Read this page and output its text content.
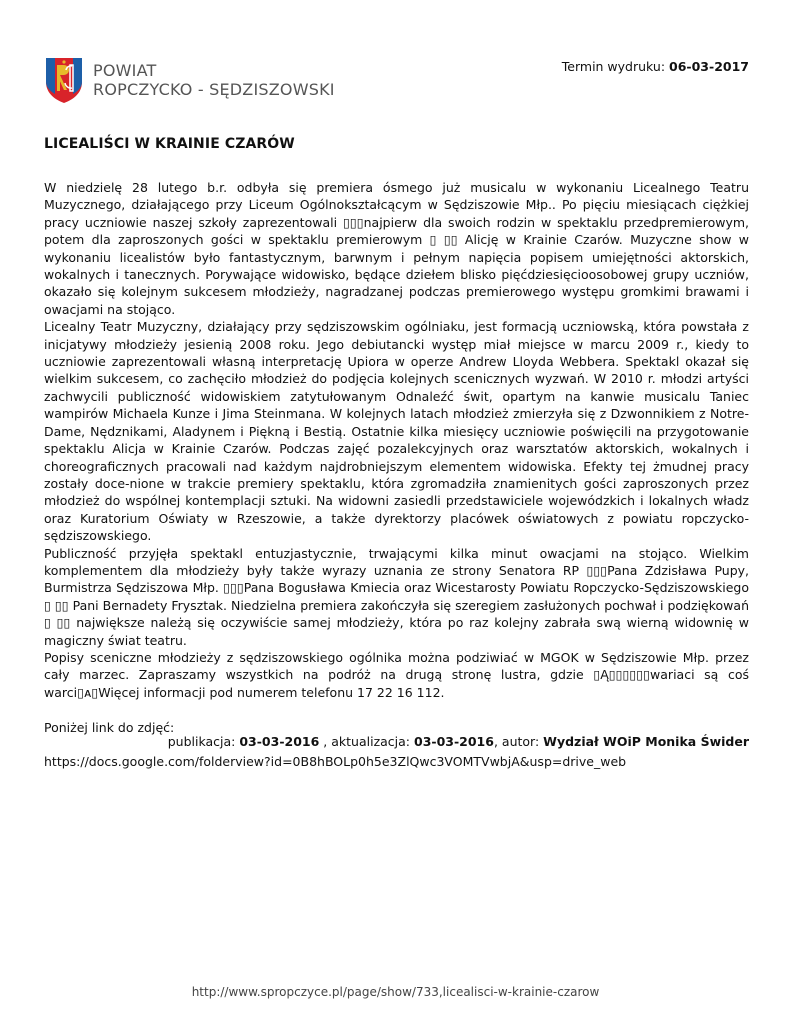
POWIAT
ROPCZYCKO - SĘDZISZOWSKI
Termin wydruku: 06-03-2017
LICEALIŚCI W KRAINIE CZARÓW

W niedzielę 28 lutego b.r. odbyła się premiera ósmego już musicalu w wykonaniu Licealnego Teatru Muzycznego, działającego przy Liceum Ogólnokształcącym w Sędziszowie Młp.. Po pięciu miesiącach ciężkiej pracy uczniowie naszej szkoły zaprezentowali ▯▯▯najpierw dla swoich rodzin w spektaklu przedpremierowym, potem dla zaproszonych gości w spektaklu premierowym ▯ ▯▯ Alicję w Krainie Czarów. Muzyczne show w wykonaniu licealistów było fantastycznym, barwnym i pełnym napięcia popisem umiejętności aktorskich, wokalnych i tanecznych. Porywające widowisko, będące dziełem blisko pięćdziesięcioosobowej grupy uczniów, okazało się kolejnym sukcesem młodzieży, nagradzanej podczas premierowego występu gromkimi brawami i owacjami na stojąco.

Licealny Teatr Muzyczny, działający przy sędziszowskim ogólniaku, jest formacją uczniowską, która powstała z inicjatywy młodzieży jesienią 2008 roku. Jego debiutancki występ miał miejsce w marcu 2009 r., kiedy to uczniowie zaprezentowali własną interpretację Upiora w operze Andrew Lloyda Webbera. Spektakl okazał się wielkim sukcesem, co zachęciło młodzież do podjęcia kolejnych scenicznych wyzwań. W 2010 r. młodzi artyści zachwycili publiczność widowiskiem zatytułowanym Odnaleźć świt, opartym na kanwie musicalu Taniec wampirów Michaela Kunze i Jima Steinmana. W kolejnych latach młodzież zmierzyła się z Dzwonnikiem z Notre-Dame, Nędznikami, Aladynem i Piękną i Bestią. Ostatnie kilka miesięcy uczniowie poświęcili na przygotowanie spektaklu Alicja w Krainie Czarów. Podczas zajęć pozalekcyjnych oraz warsztatów aktorskich, wokalnych i choreograficznych pracowali nad każdym najdrobniejszym elementem widowiska. Efekty tej żmudnej pracy zostały doce-nione w trakcie premiery spektaklu, która zgromadziła znamienitych gości zaproszonych przez młodzież do wspólnej kontemplacji sztuki. Na widowni zasiedli przedstawiciele wojewódzkich i lokalnych władz oraz Kuratorium Oświaty w Rzeszowie, a także dyrektorzy placówek oświatowych z powiatu ropczycko-sędziszowskiego.

Publiczność przyjęła spektakl entuzjastycznie, trwającymi kilka minut owacjami na stojąco. Wielkim komplementem dla młodzieży były także wyrazy uznania ze strony Senatora RP ▯▯▯Pana Zdzisława Pupy, Burmistrza Sędziszowa Młp. ▯▯▯Pana Bogusława Kmiecia oraz Wicestarosty Powiatu Ropczycko-Sędziszowskiego ▯ ▯▯ Pani Bernadety Frysztak. Niedzielna premiera zakończyła się szeregiem zasłużonych pochwał i podziękowań ▯ ▯▯ największe należą się oczywiście samej młodzieży, która po raz kolejny zabrała swą wierną widownię w magiczny świat teatru.

Popisy sceniczne młodzieży z sędziszowskiego ogólnika można podziwiać w MGOK w Sędziszowie Młp. przez cały marzec. Zapraszamy wszystkich na podróż na drugą stronę lustra, gdzie ▯Ą▯▯▯▯▯▯wariaci są coś warci▯ᴀ▯Więcej informacji pod numerem telefonu 17 22 16 112.

Poniżej link do zdjęć:

https://docs.google.com/folderview?id=0B8hBOLp0h5e3ZlQwc3VOMTVwbjA&usp=drive_web

publikacja: 03-03-2016 , aktualizacja: 03-03-2016, autor: Wydział WOiP Monika Świder
http://www.spropczyce.pl/page/show/733,licealisci-w-krainie-czarow
